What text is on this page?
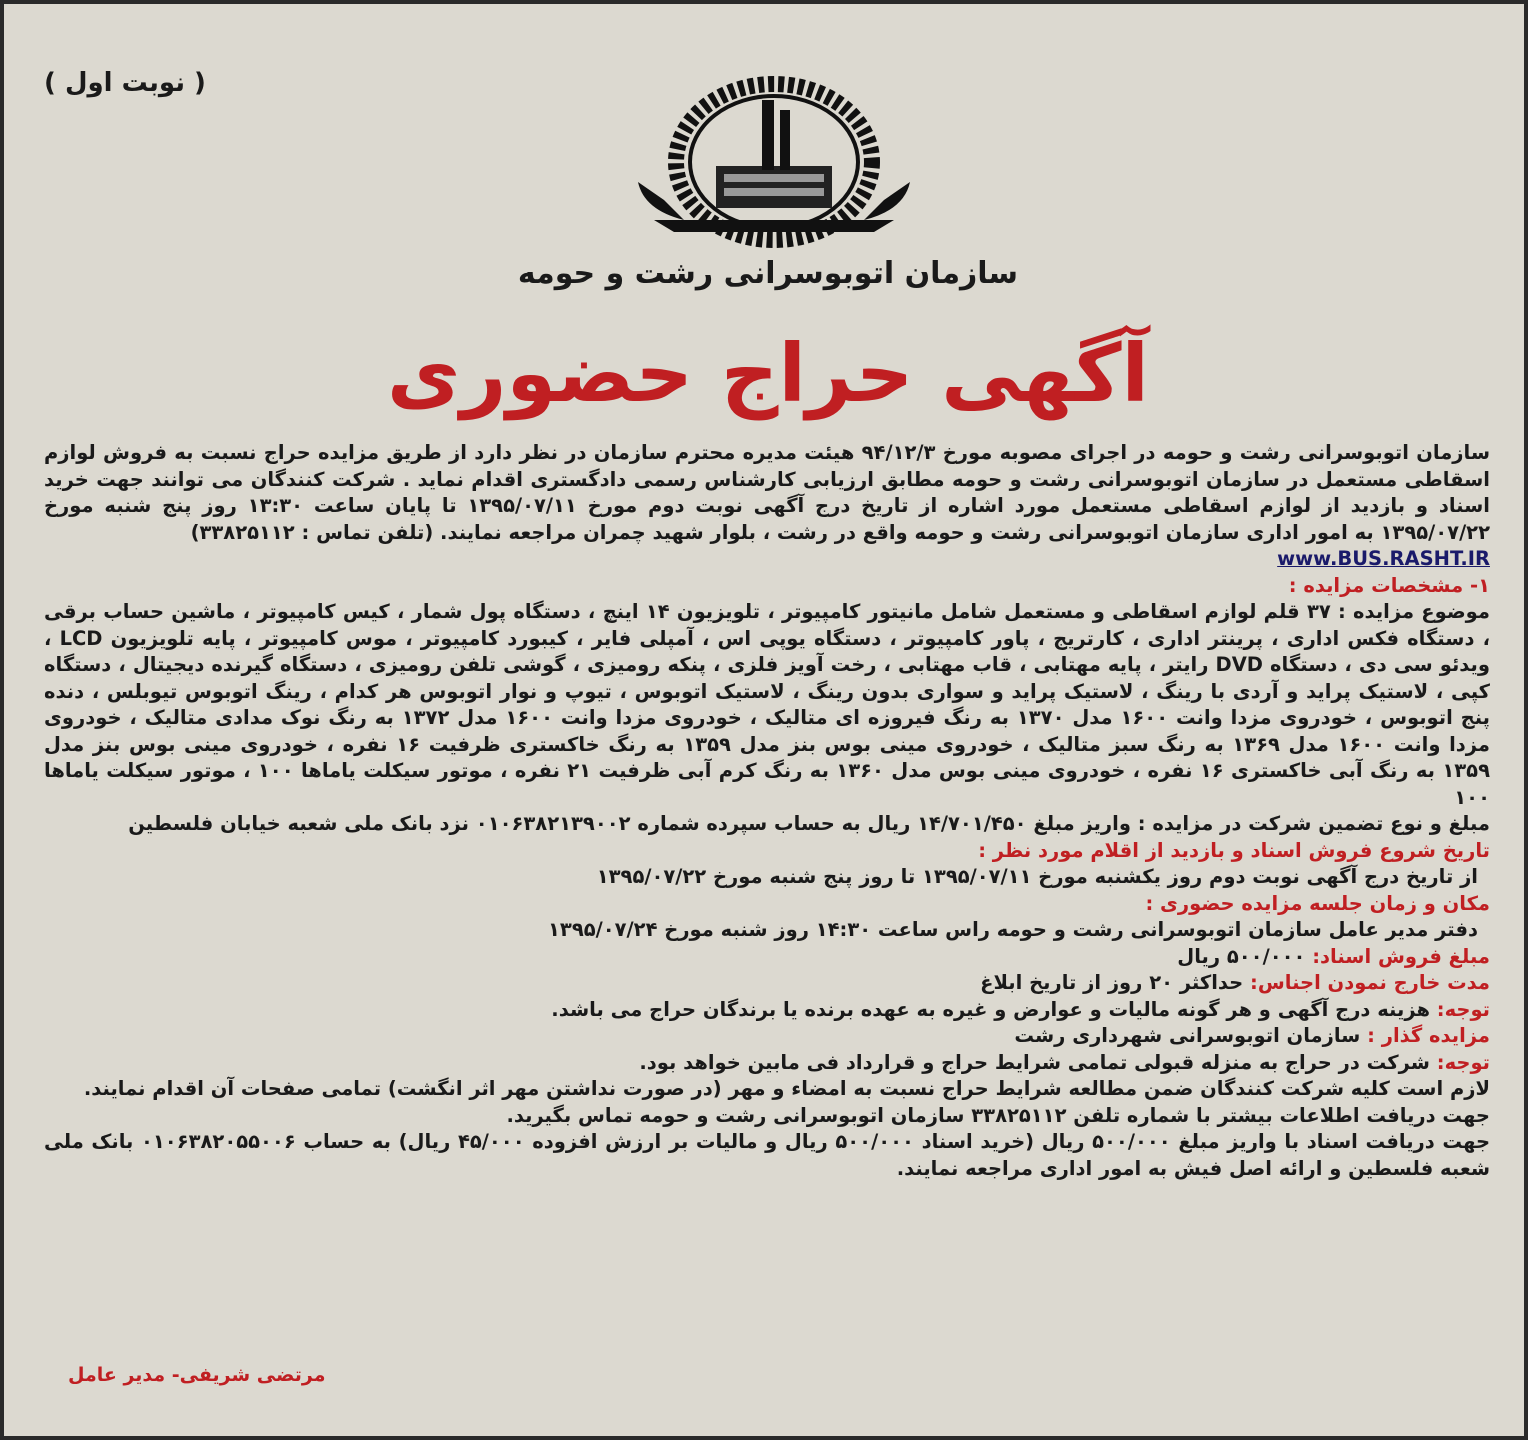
( نوبت اول )
سازمان اتوبوسرانی رشت و حومه
آگهی حراج حضوری

سازمان اتوبوسرانی رشت و حومه در اجرای مصوبه مورخ ۹۴/۱۲/۳ هیئت مدیره محترم سازمان در نظر دارد از طریق مزایده حراج نسبت به فروش لوازم اسقاطی مستعمل در سازمان اتوبوسرانی رشت و حومه مطابق ارزیابی کارشناس رسمی دادگستری اقدام نماید . شرکت کنندگان می توانند جهت خرید اسناد و بازدید از لوازم اسقاطی مستعمل مورد اشاره از تاریخ درج آگهی نوبت دوم مورخ ۱۳۹۵/۰۷/۱۱ تا پایان ساعت ۱۳:۳۰ روز پنج شنبه مورخ ۱۳۹۵/۰۷/۲۲ به امور اداری سازمان اتوبوسرانی رشت و حومه واقع در رشت ، بلوار شهید چمران مراجعه نمایند. (تلفن تماس : ۳۳۸۲۵۱۱۲)

www.BUS.RASHT.IR

۱- مشخصات مزایده :

موضوع مزایده : ۳۷ قلم لوازم اسقاطی و مستعمل شامل مانیتور کامپیوتر ، تلویزیون ۱۴ اینچ ، دستگاه پول شمار ، کیس کامپیوتر ، ماشین حساب برقی ، دستگاه فکس اداری ، پرینتر اداری ، کارتریج ، پاور کامپیوتر ، دستگاه یوپی اس ، آمپلی فایر ، کیبورد کامپیوتر ، موس کامپیوتر ، پایه تلویزیون LCD ، ویدئو سی دی ، دستگاه DVD رایتر ، پایه مهتابی ، قاب مهتابی ، رخت آویز فلزی ، پنکه رومیزی ، گوشی تلفن رومیزی ، دستگاه گیرنده دیجیتال ، دستگاه کپی ، لاستیک پراید و آردی با رینگ ، لاستیک پراید و سواری بدون رینگ ، لاستیک اتوبوس ، تیوپ و نوار اتوبوس هر کدام ، رینگ اتوبوس تیوبلس ، دنده پنج اتوبوس ، خودروی مزدا وانت ۱۶۰۰ مدل ۱۳۷۰ به رنگ فیروزه ای متالیک ، خودروی مزدا وانت ۱۶۰۰ مدل ۱۳۷۲ به رنگ نوک مدادی متالیک ، خودروی مزدا وانت ۱۶۰۰ مدل ۱۳۶۹ به رنگ سبز متالیک ، خودروی مینی بوس بنز مدل ۱۳۵۹ به رنگ خاکستری ظرفیت ۱۶ نفره ، خودروی مینی بوس بنز مدل ۱۳۵۹ به رنگ آبی خاکستری ۱۶ نفره ، خودروی مینی بوس مدل ۱۳۶۰ به رنگ کرم آبی ظرفیت ۲۱ نفره ، موتور سیکلت یاماها ۱۰۰ ، موتور سیکلت یاماها ۱۰۰

مبلغ و نوع تضمین شرکت در مزایده : واریز مبلغ ۱۴/۷۰۱/۴۵۰ ریال به حساب سپرده شماره ۰۱۰۶۳۸۲۱۳۹۰۰۲ نزد بانک ملی شعبه خیابان فلسطین

تاریخ شروع فروش اسناد و بازدید از اقلام مورد نظر :

از تاریخ درج آگهی نوبت دوم روز یکشنبه مورخ ۱۳۹۵/۰۷/۱۱ تا روز پنج شنبه مورخ ۱۳۹۵/۰۷/۲۲

مکان و زمان جلسه مزایده حضوری :

دفتر مدیر عامل سازمان اتوبوسرانی رشت و حومه راس ساعت ۱۴:۳۰ روز شنبه مورخ ۱۳۹۵/۰۷/۲۴

مبلغ فروش اسناد: ۵۰۰/۰۰۰ ریال

مدت خارج نمودن اجناس: حداکثر ۲۰ روز از تاریخ ابلاغ

توجه: هزینه درج آگهی و هر گونه مالیات و عوارض و غیره به عهده برنده یا برندگان حراج می باشد.

مزایده گذار : سازمان اتوبوسرانی شهرداری رشت

توجه: شرکت در حراج به منزله قبولی تمامی شرایط حراج و قرارداد فی مابین خواهد بود.

لازم است کلیه شرکت کنندگان ضمن مطالعه شرایط حراج نسبت به امضاء و مهر (در صورت نداشتن مهر اثر انگشت) تمامی صفحات آن اقدام نمایند.

جهت دریافت اطلاعات بیشتر با شماره تلفن ۳۳۸۲۵۱۱۲ سازمان اتوبوسرانی رشت و حومه تماس بگیرید.

جهت دریافت اسناد با واریز مبلغ ۵۰۰/۰۰۰ ریال (خرید اسناد ۵۰۰/۰۰۰ ریال و مالیات بر ارزش افزوده ۴۵/۰۰۰ ریال) به حساب ۰۱۰۶۳۸۲۰۵۵۰۰۶ بانک ملی شعبه فلسطین و ارائه اصل فیش به امور اداری مراجعه نمایند.

مرتضی شریفی- مدیر عامل
